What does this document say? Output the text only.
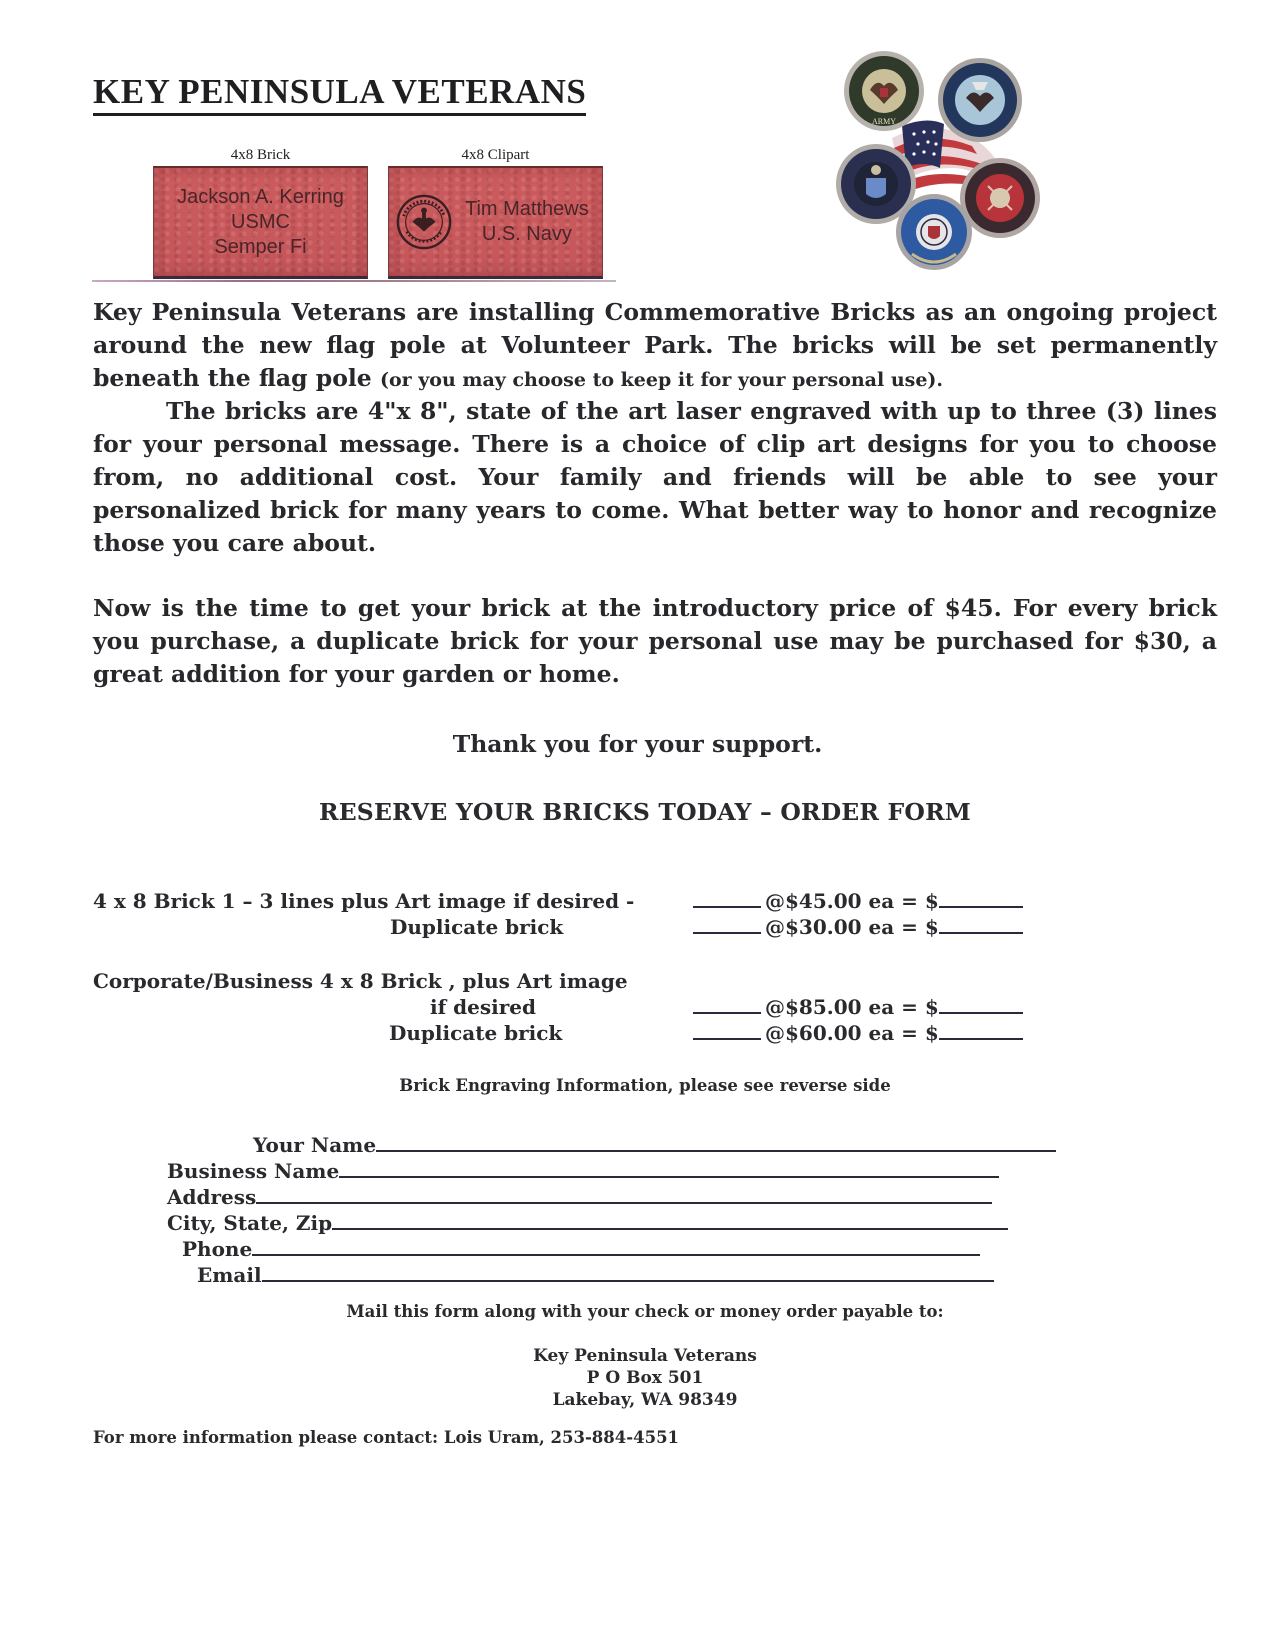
KEY PENINSULA VETERANS
4x8 Brick
Jackson A. Kerring
USMC
Semper Fi
4x8 Clipart
Tim Matthews
U.S. Navy
ARMY
Key Peninsula Veterans are installing Commemorative Bricks as an ongoing project around the new flag pole at Volunteer Park. The bricks will be set permanently beneath the flag pole (or you may choose to keep it for your personal use).
The bricks are 4"x 8", state of the art laser engraved with up to three (3) lines for your personal message. There is a choice of clip art designs for you to choose from, no additional cost. Your family and friends will be able to see your personalized brick for many years to come. What better way to honor and recognize those you care about.
Now is the time to get your brick at the introductory price of $45. For every brick you purchase, a duplicate brick for your personal use may be purchased for $30, a great addition for your garden or home.
Thank you for your support.
RESERVE YOUR BRICKS TODAY – ORDER FORM
4 x 8 Brick 1 – 3 lines plus Art image if desired -
Duplicate brick
Corporate/Business 4 x 8 Brick , plus Art image
if desired
Duplicate brick
@$45.00 ea = $
@$30.00 ea = $
@$85.00 ea = $
@$60.00 ea = $
Brick Engraving Information, please see reverse side
Your Name
Business Name
Address
City, State, Zip
Phone
Email
Mail this form along with your check or money order payable to:
Key Peninsula Veterans
P O Box 501
Lakebay, WA 98349
For more information please contact: Lois Uram, 253-884-4551
